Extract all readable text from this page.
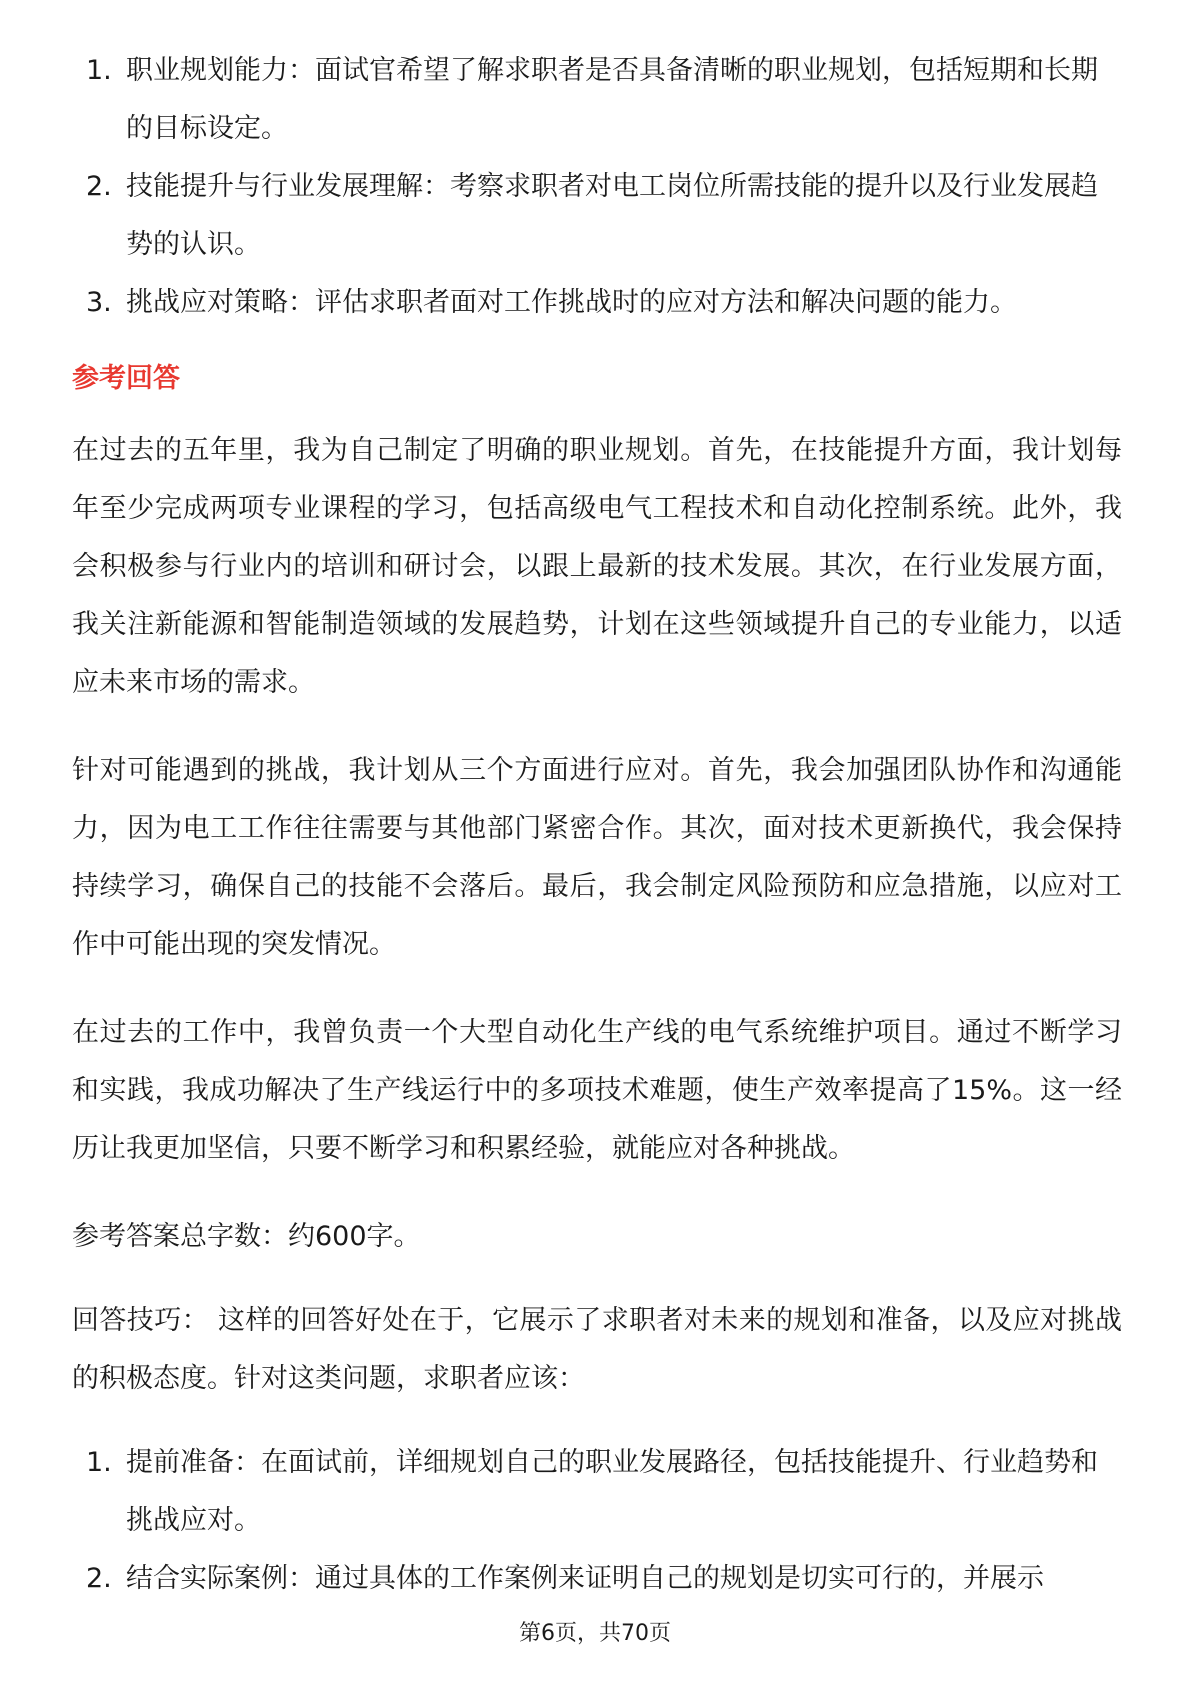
1. 职业规划能力：面试官希望了解求职者是否具备清晰的职业规划，包括短期和长期的目标设定。
2. 技能提升与行业发展理解：考察求职者对电工岗位所需技能的提升以及行业发展趋势的认识。
3. 挑战应对策略：评估求职者面对工作挑战时的应对方法和解决问题的能力。
参考回答

在过去的五年里，我为自己制定了明确的职业规划。首先，在技能提升方面，我计划每年至少完成两项专业课程的学习，包括高级电气工程技术和自动化控制系统。此外，我会积极参与行业内的培训和研讨会，以跟上最新的技术发展。其次，在行业发展方面，我关注新能源和智能制造领域的发展趋势，计划在这些领域提升自己的专业能力，以适应未来市场的需求。

针对可能遇到的挑战，我计划从三个方面进行应对。首先，我会加强团队协作和沟通能力，因为电工工作往往需要与其他部门紧密合作。其次，面对技术更新换代，我会保持持续学习，确保自己的技能不会落后。最后，我会制定风险预防和应急措施，以应对工作中可能出现的突发情况。

在过去的工作中，我曾负责一个大型自动化生产线的电气系统维护项目。通过不断学习和实践，我成功解决了生产线运行中的多项技术难题，使生产效率提高了15%。这一经历让我更加坚信，只要不断学习和积累经验，就能应对各种挑战。

参考答案总字数：约600字。

回答技巧： 这样的回答好处在于，它展示了求职者对未来的规划和准备，以及应对挑战的积极态度。针对这类问题，求职者应该：

1. 提前准备：在面试前，详细规划自己的职业发展路径，包括技能提升、行业趋势和挑战应对。
2. 结合实际案例：通过具体的工作案例来证明自己的规划是切实可行的，并展示
第6页，共70页
